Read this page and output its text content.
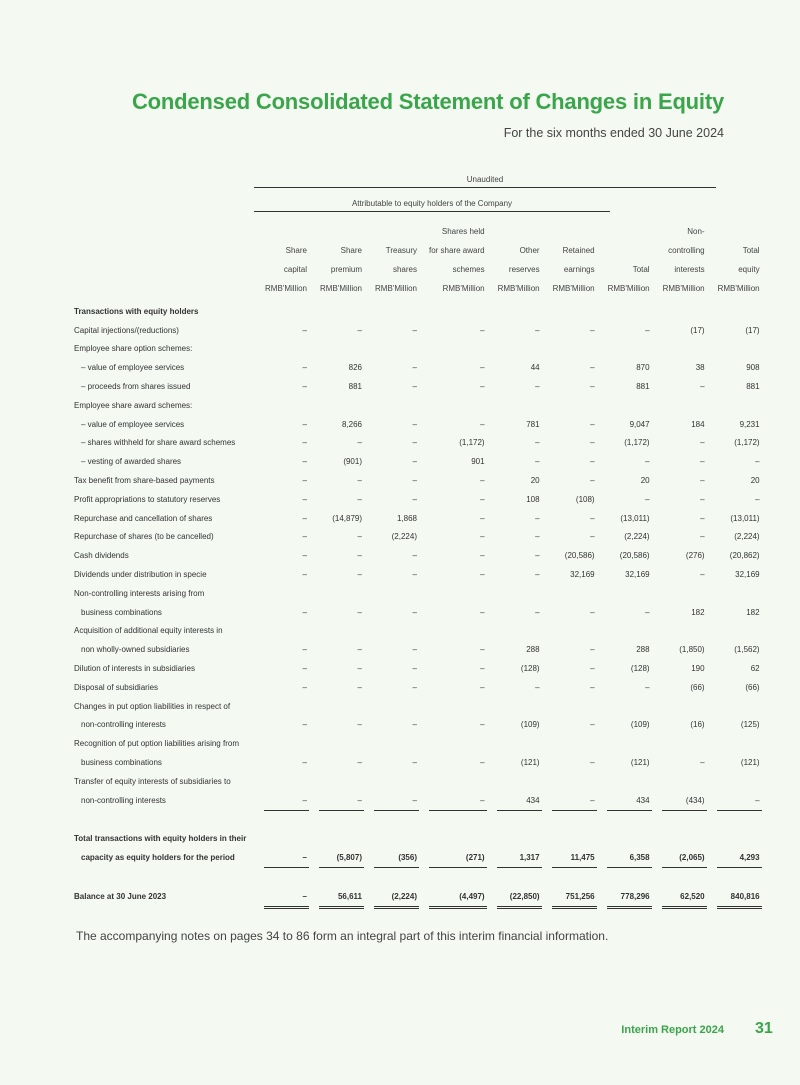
Condensed Consolidated Statement of Changes in Equity
For the six months ended 30 June 2024
Unaudited
Attributable to equity holders of the Company
								Shares held								Non-		
		Share		Share		Treasury		for share award		Other		Retained				controlling		Total
		capital		premium		shares		schemes		reserves		earnings		Total		interests		equity
		RMB'Million		RMB'Million		RMB'Million		RMB'Million		RMB'Million		RMB'Million		RMB'Million		RMB'Million		RMB'Million

Transactions with equity holders																		
Capital injections/(reductions)		–		–		–		–		–		–		–		(17)		(17)
Employee share option schemes:																		
– value of employee services		–		826		–		–		44		–		870		38		908
– proceeds from shares issued		–		881		–		–		–		–		881		–		881
Employee share award schemes:																		
– value of employee services		–		8,266		–		–		781		–		9,047		184		9,231
– shares withheld for share award schemes		–		–		–		(1,172)		–		–		(1,172)		–		(1,172)
– vesting of awarded shares		–		(901)		–		901		–		–		–		–		–
Tax benefit from share-based payments		–		–		–		–		20		–		20		–		20
Profit appropriations to statutory reserves		–		–		–		–		108		(108)		–		–		–
Repurchase and cancellation of shares		–		(14,879)		1,868		–		–		–		(13,011)		–		(13,011)
Repurchase of shares (to be cancelled)		–		–		(2,224)		–		–		–		(2,224)		–		(2,224)
Cash dividends		–		–		–		–		–		(20,586)		(20,586)		(276)		(20,862)
Dividends under distribution in specie		–		–		–		–		–		32,169		32,169		–		32,169
Non-controlling interests arising from																		
business combinations		–		–		–		–		–		–		–		182		182
Acquisition of additional equity interests in																		
non wholly-owned subsidiaries		–		–		–		–		288		–		288		(1,850)		(1,562)
Dilution of interests in subsidiaries		–		–		–		–		(128)		–		(128)		190		62
Disposal of subsidiaries		–		–		–		–		–		–		–		(66)		(66)
Changes in put option liabilities in respect of																		
non-controlling interests		–		–		–		–		(109)		–		(109)		(16)		(125)
Recognition of put option liabilities arising from																		
business combinations		–		–		–		–		(121)		–		(121)		–		(121)
Transfer of equity interests of subsidiaries to																		
non-controlling interests		–		–		–		–		434		–		434		(434)		–

Total transactions with equity holders in their																		
capacity as equity holders for the period		–		(5,807)		(356)		(271)		1,317		11,475		6,358		(2,065)		4,293

Balance at 30 June 2023		–		56,611		(2,224)		(4,497)		(22,850)		751,256		778,296		62,520		840,816
The accompanying notes on pages 34 to 86 form an integral part of this interim financial information.
Interim Report 2024 31
